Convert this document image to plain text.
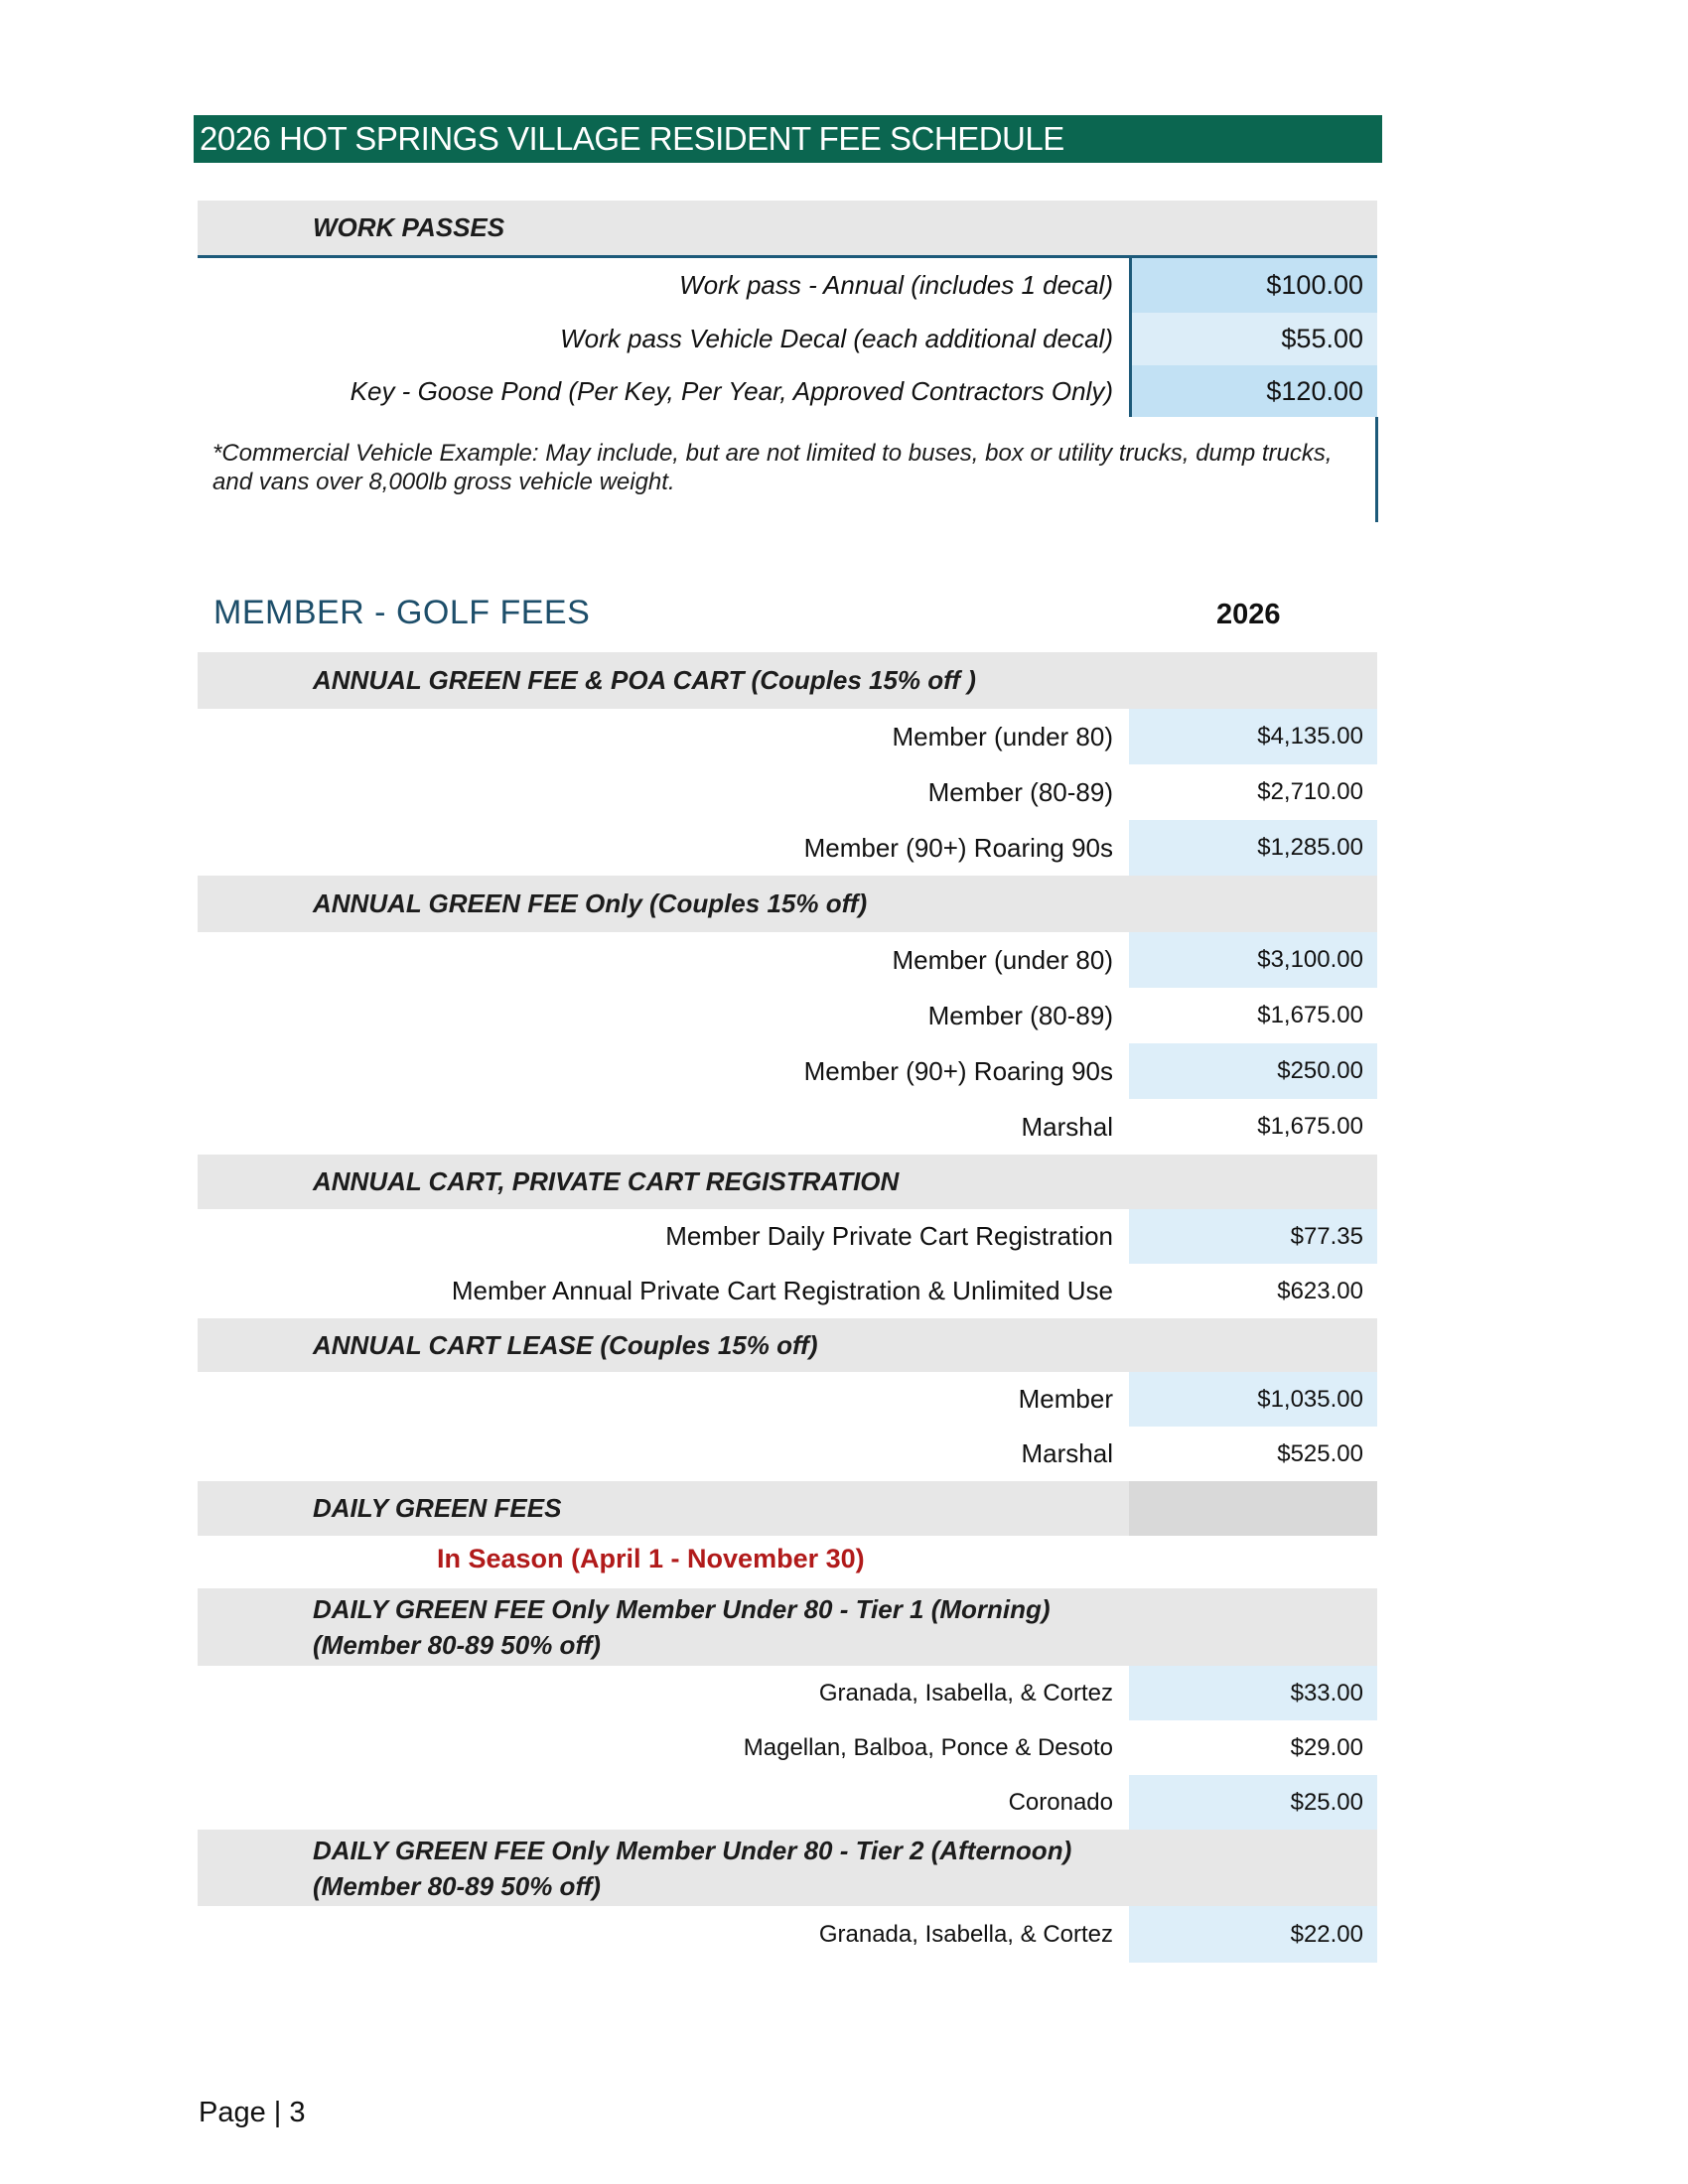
2026 HOT SPRINGS VILLAGE RESIDENT FEE SCHEDULE
WORK PASSES
Work pass - Annual (includes 1 decal)	$100.00
Work pass Vehicle Decal (each additional decal)	$55.00
Key - Goose Pond (Per Key, Per Year, Approved Contractors Only)	$120.00
*Commercial Vehicle Example: May include, but are not limited to buses, box or utility trucks, dump trucks, and vans over 8,000lb gross vehicle weight.
MEMBER - GOLF FEES	2026
ANNUAL GREEN FEE & POA CART (Couples 15% off )
Member (under 80)	$4,135.00
Member (80-89)	$2,710.00
Member (90+) Roaring 90s	$1,285.00
ANNUAL GREEN FEE Only (Couples 15% off)
Member (under 80)	$3,100.00
Member (80-89)	$1,675.00
Member (90+) Roaring 90s	$250.00
Marshal	$1,675.00
ANNUAL CART, PRIVATE CART REGISTRATION
Member Daily Private Cart Registration	$77.35
Member Annual Private Cart Registration & Unlimited Use	$623.00
ANNUAL CART LEASE (Couples 15% off)
Member	$1,035.00
Marshal	$525.00
DAILY GREEN FEES
DAILY GREEN FEE Only Member Under 80 - Tier 1 (Morning)
(Member 80-89 50% off)
Granada, Isabella, & Cortez	$33.00
Magellan, Balboa, Ponce & Desoto	$29.00
Coronado	$25.00
DAILY GREEN FEE Only Member Under 80 - Tier 2 (Afternoon)
(Member 80-89 50% off)
Granada, Isabella, & Cortez	$22.00
In Season (April 1 - November 30)
Page | 3
